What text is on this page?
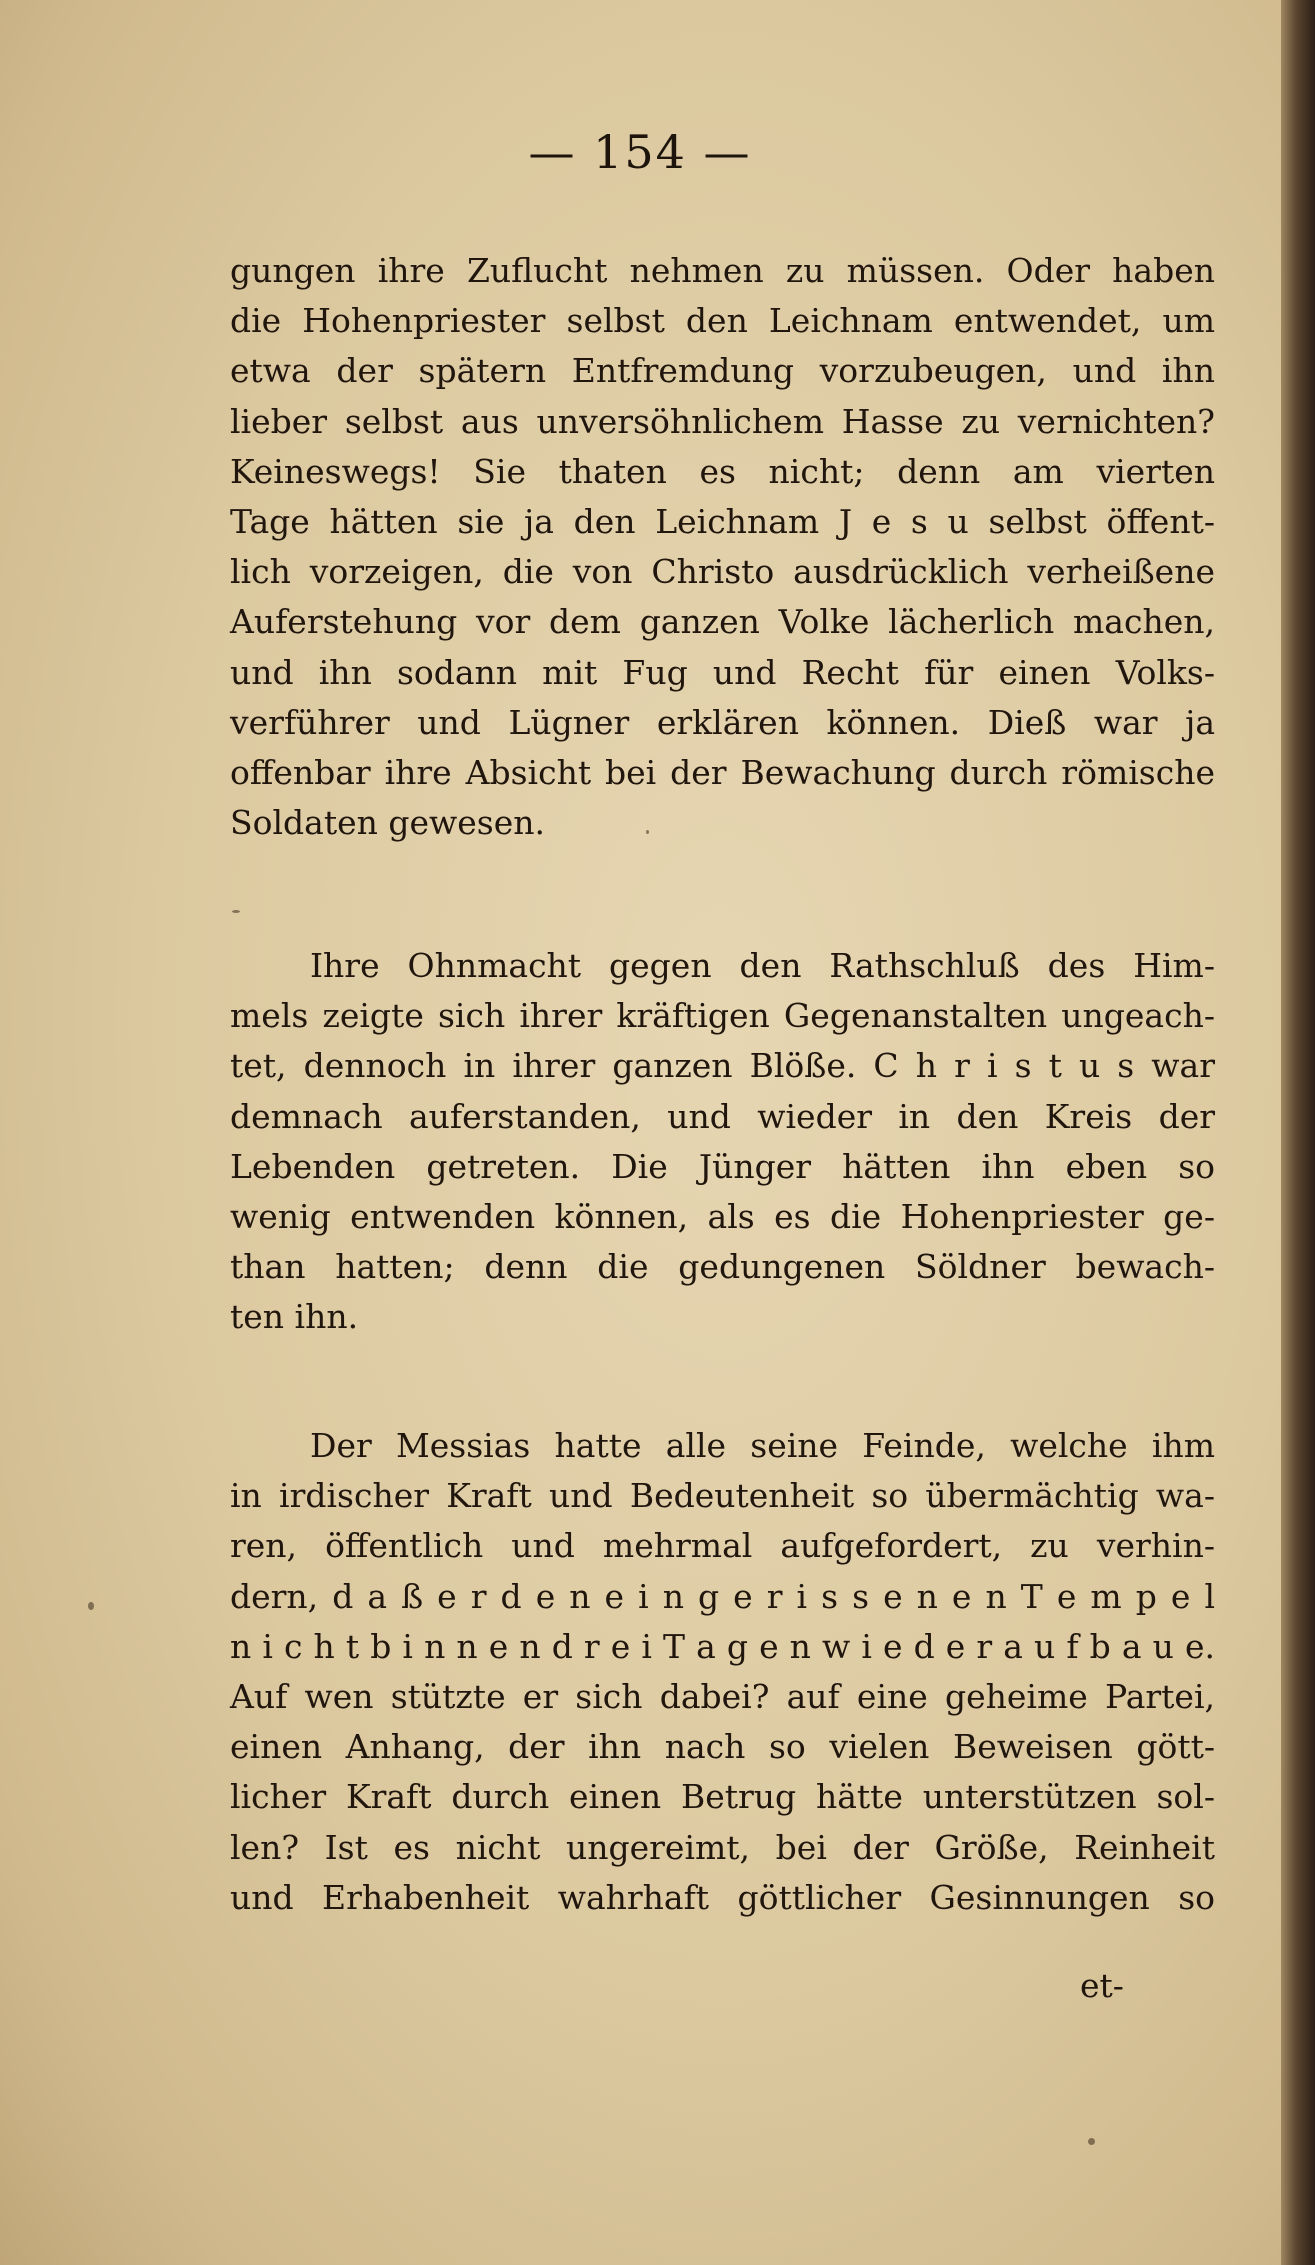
— 154 —
gungen ihre Zuflucht nehmen zu müssen. Oder haben
die Hohenpriester selbst den Leichnam entwendet, um
etwa der spätern Entfremdung vorzubeugen, und ihn
lieber selbst aus unversöhnlichem Hasse zu vernichten?
Keineswegs! Sie thaten es nicht; denn am vierten
Tage hätten sie ja den Leichnam J e s u selbst öffent-
lich vorzeigen, die von Christo ausdrücklich verheißene
Auferstehung vor dem ganzen Volke lächerlich machen,
und ihn sodann mit Fug und Recht für einen Volks-
verführer und Lügner erklären können. Dieß war ja
offenbar ihre Absicht bei der Bewachung durch römische
Soldaten gewesen.
Ihre Ohnmacht gegen den Rathschluß des Him-
mels zeigte sich ihrer kräftigen Gegenanstalten ungeach-
tet, dennoch in ihrer ganzen Blöße. C h r i s t u s war
demnach auferstanden, und wieder in den Kreis der
Lebenden getreten. Die Jünger hätten ihn eben so
wenig entwenden können, als es die Hohenpriester ge-
than hatten; denn die gedungenen Söldner bewach-
ten ihn.
Der Messias hatte alle seine Feinde, welche ihm
in irdischer Kraft und Bedeutenheit so übermächtig wa-
ren, öffentlich und mehrmal aufgefordert, zu verhin-
dern, d a ß e r d e n e i n g e r i s s e n e n T e m p e l
n i c h t b i n n e n d r e i T a g e n w i e d e r a u f b a u e.
Auf wen stützte er sich dabei? auf eine geheime Partei,
einen Anhang, der ihn nach so vielen Beweisen gött-
licher Kraft durch einen Betrug hätte unterstützen sol-
len? Ist es nicht ungereimt, bei der Größe, Reinheit
und Erhabenheit wahrhaft göttlicher Gesinnungen so
et-
